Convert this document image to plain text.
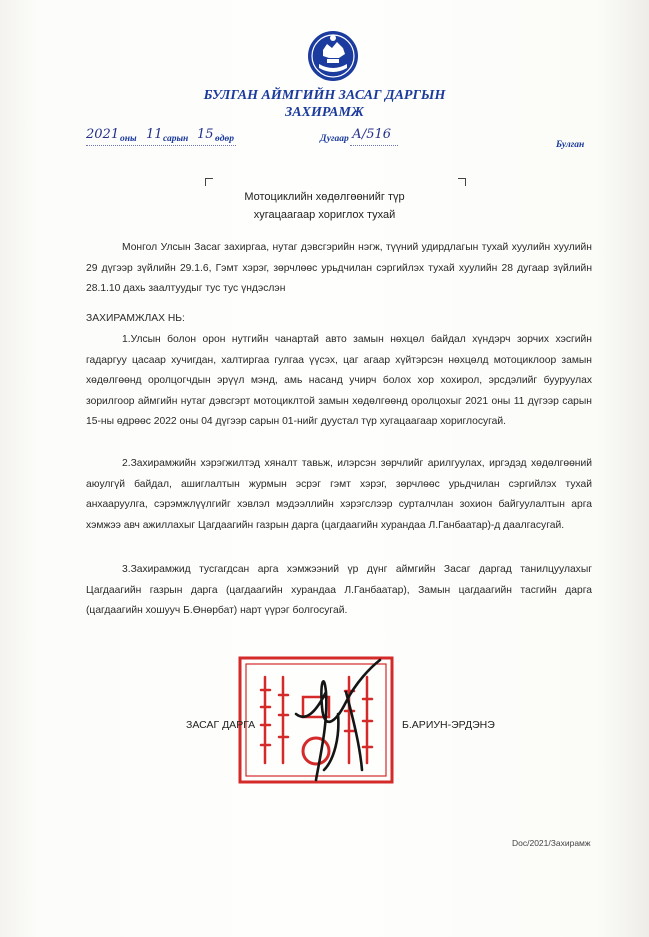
БУЛГАН АЙМГИЙН ЗАСАГ ДАРГЫН
ЗАХИРАМЖ
2021 оны 11 сарын 15 өдөр	Дугаар А/516
Булган
Мотоциклийн хөдөлгөөнийг түр
хугацаагаар хориглох тухай
Монгол Улсын Засаг захиргаа, нутаг дэвсгэрийн нэгж, түүний удирдлагын тухай хуулийн хуулийн 29 дүгээр зүйлийн 29.1.6, Гэмт хэрэг, зөрчлөөс урьдчилан сэргийлэх тухай хуулийн 28 дугаар зүйлийн 28.1.10 дахь заалтуудыг тус тус үндэслэн
ЗАХИРАМЖЛАХ НЬ:
1.Улсын болон орон нутгийн чанартай авто замын нөхцөл байдал хүндэрч зорчих хэсгийн гадаргуу цасаар хучигдан, халтиргаа гулгаа үүсэх, цаг агаар хүйтэрсэн нөхцөлд мотоциклоор замын хөдөлгөөнд оролцогчдын эрүүл мэнд, амь насанд учирч болох хор хохирол, эрсдэлийг бууруулах зорилгоор аймгийн нутаг дэвсгэрт мотоциклтой замын хөдөлгөөнд оролцохыг 2021 оны 11 дүгээр сарын 15-ны өдрөөс 2022 оны 04 дүгээр сарын 01-нийг дуустал түр хугацаагаар хориглосугай.
2.Захирамжийн хэрэгжилтэд хяналт тавьж, илэрсэн зөрчлийг арилгуулах, иргэдэд хөдөлгөөний аюулгүй байдал, ашиглалтын журмын эсрэг гэмт хэрэг, зөрчлөөс урьдчилан сэргийлэх тухай анхааруулга, сэрэмжлүүлгийг хэвлэл мэдээллийн хэрэгслээр сурталчлан зохион байгуулалтын арга хэмжээ авч ажиллахыг Цагдаагийн газрын дарга (цагдаагийн хурандаа Л.Ганбаатар)-д даалгасугай.
3.Захирамжид тусгагдсан арга хэмжээний үр дүнг аймгийн Засаг даргад танилцуулахыг Цагдаагийн газрын дарга (цагдаагийн хурандаа Л.Ганбаатар), Замын цагдаагийн тасгийн дарга (цагдаагийн хошууч Б.Өнөрбат) нарт үүрэг болгосугай.
ЗАСАГ ДАРГА	Б.АРИУН-ЭРДЭНЭ
Doc/2021/Захирамж
